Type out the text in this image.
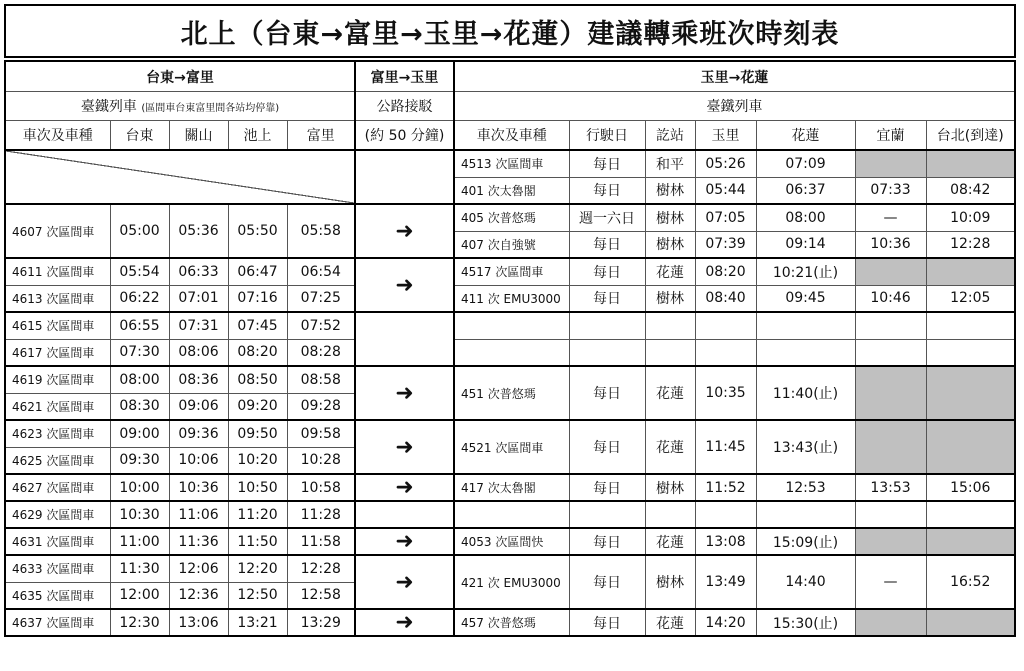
北上（台東→富里→玉里→花蓮）建議轉乘班次時刻表
台東→富里					富里→玉里	玉里→花蓮						
臺鐵列車 (區間車台東富里間各站均停靠)					公路接駁	臺鐵列車						
車次及車種	台東	關山	池上	富里	(約 50 分鐘)	車次及車種	行駛日	訖站	玉里	花蓮	宜蘭	台北(到達)
						4513 次區間車	每日	和平	05:26	07:09		
						401 次太魯閣	每日	樹林	05:44	06:37	07:33	08:42
4607 次區間車	05:00	05:36	05:50	05:58	➜	405 次普悠瑪	週一六日	樹林	07:05	08:00	—	10:09
						407 次自強號	每日	樹林	07:39	09:14	10:36	12:28
4611 次區間車	05:54	06:33	06:47	06:54	➜	4517 次區間車	每日	花蓮	08:20	10:21(止)		
4613 次區間車	06:22	07:01	07:16	07:25		411 次 EMU3000	每日	樹林	08:40	09:45	10:46	12:05
4615 次區間車	06:55	07:31	07:45	07:52								
4617 次區間車	07:30	08:06	08:20	08:28								
4619 次區間車	08:00	08:36	08:50	08:58	➜	451 次普悠瑪	每日	花蓮	10:35	11:40(止)		
4621 次區間車	08:30	09:06	09:20	09:28								
4623 次區間車	09:00	09:36	09:50	09:58	➜	4521 次區間車	每日	花蓮	11:45	13:43(止)		
4625 次區間車	09:30	10:06	10:20	10:28								
4627 次區間車	10:00	10:36	10:50	10:58	➜	417 次太魯閣	每日	樹林	11:52	12:53	13:53	15:06
4629 次區間車	10:30	11:06	11:20	11:28								
4631 次區間車	11:00	11:36	11:50	11:58	➜	4053 次區間快	每日	花蓮	13:08	15:09(止)		
4633 次區間車	11:30	12:06	12:20	12:28	➜	421 次 EMU3000	每日	樹林	13:49	14:40	—	16:52
4635 次區間車	12:00	12:36	12:50	12:58								
4637 次區間車	12:30	13:06	13:21	13:29	➜	457 次普悠瑪	每日	花蓮	14:20	15:30(止)		
